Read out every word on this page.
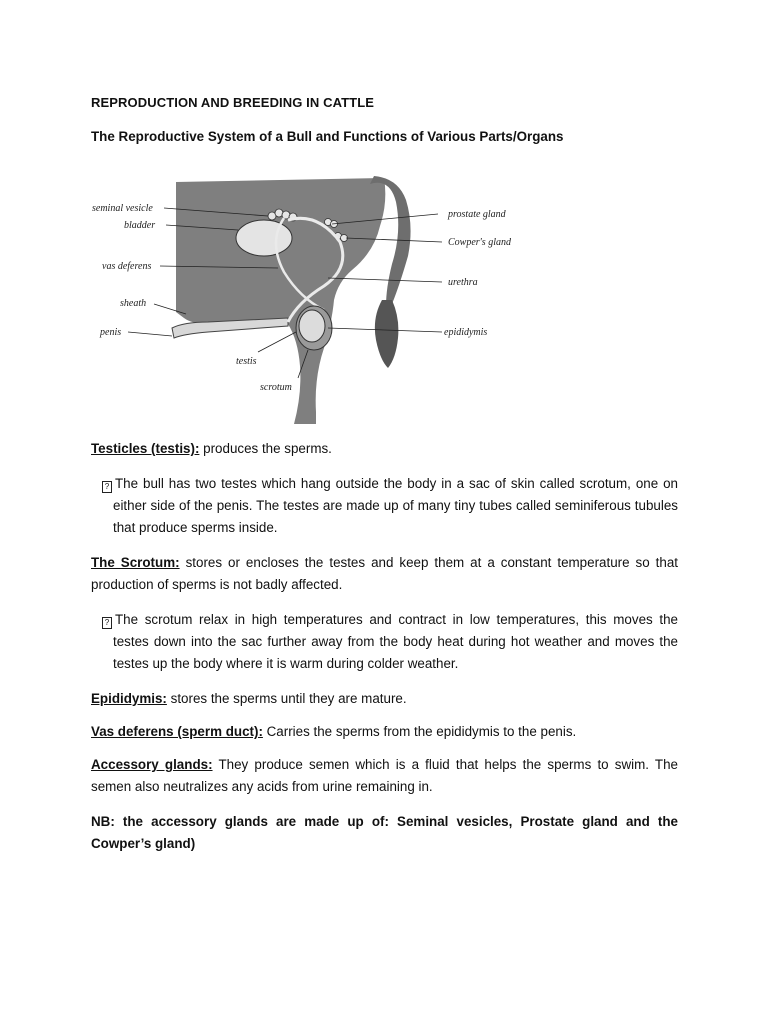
REPRODUCTION AND BREEDING IN CATTLE
The Reproductive System of a Bull and Functions of Various Parts/Organs
seminal vesicle
bladder
vas deferens
sheath
penis
testis
scrotum
prostate gland
Cowper's gland
urethra
epididymis

Testicles (testis): produces the sperms.

? The bull has two testes which hang outside the body in a sac of skin called scrotum, one on either side of the penis. The testes are made up of many tiny tubes called seminiferous tubules that produce sperms inside.

The Scrotum: stores or encloses the testes and keep them at a constant temperature so that production of sperms is not badly affected.

? The scrotum relax in high temperatures and contract in low temperatures, this moves the testes down into the sac further away from the body heat during hot weather and moves the testes up the body where it is warm during colder weather.

Epididymis: stores the sperms until they are mature.

Vas deferens (sperm duct): Carries the sperms from the epididymis to the penis.

Accessory glands: They produce semen which is a fluid that helps the sperms to swim. The semen also neutralizes any acids from urine remaining in.

NB: the accessory glands are made up of: Seminal vesicles, Prostate gland and the Cowper’s gland)
